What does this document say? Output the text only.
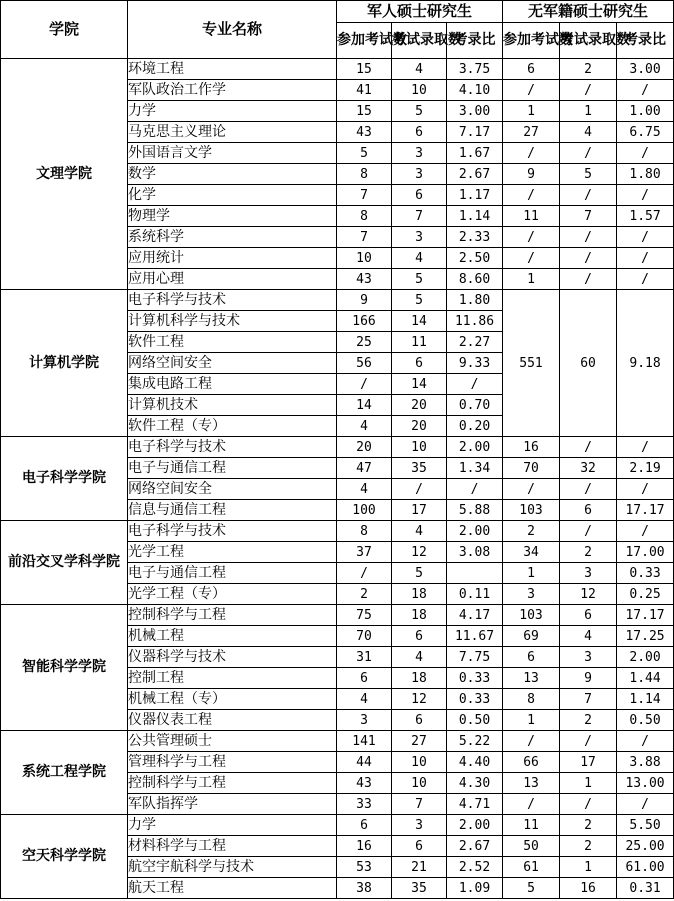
学院	专业名称	军人硕士研究生			无军籍硕士研究生		
		参加考试数	考试录取数	考录比	参加考试数	考试录取数	考录比
文理学院	环境工程	15	4	3.75	6	2	3.00
	军队政治工作学	41	10	4.10	/	/	/
	力学	15	5	3.00	1	1	1.00
	马克思主义理论	43	6	7.17	27	4	6.75
	外国语言文学	5	3	1.67	/	/	/
	数学	8	3	2.67	9	5	1.80
	化学	7	6	1.17	/	/	/
	物理学	8	7	1.14	11	7	1.57
	系统科学	7	3	2.33	/	/	/
	应用统计	10	4	2.50	/	/	/
	应用心理	43	5	8.60	1	/	/
计算机学院	电子科学与技术	9	5	1.80	551	60	9.18
	计算机科学与技术	166	14	11.86			
	软件工程	25	11	2.27			
	网络空间安全	56	6	9.33			
	集成电路工程	/	14	/			
	计算机技术	14	20	0.70			
	软件工程（专）	4	20	0.20			
电子科学学院	电子科学与技术	20	10	2.00	16	/	/
	电子与通信工程	47	35	1.34	70	32	2.19
	网络空间安全	4	/	/	/	/	/
	信息与通信工程	100	17	5.88	103	6	17.17
前沿交叉学科学院	电子科学与技术	8	4	2.00	2	/	/
	光学工程	37	12	3.08	34	2	17.00
	电子与通信工程	/	5		1	3	0.33
	光学工程（专）	2	18	0.11	3	12	0.25
智能科学学院	控制科学与工程	75	18	4.17	103	6	17.17
	机械工程	70	6	11.67	69	4	17.25
	仪器科学与技术	31	4	7.75	6	3	2.00
	控制工程	6	18	0.33	13	9	1.44
	机械工程（专）	4	12	0.33	8	7	1.14
	仪器仪表工程	3	6	0.50	1	2	0.50
系统工程学院	公共管理硕士	141	27	5.22	/	/	/
	管理科学与工程	44	10	4.40	66	17	3.88
	控制科学与工程	43	10	4.30	13	1	13.00
	军队指挥学	33	7	4.71	/	/	/
空天科学学院	力学	6	3	2.00	11	2	5.50
	材料科学与工程	16	6	2.67	50	2	25.00
	航空宇航科学与技术	53	21	2.52	61	1	61.00
	航天工程	38	35	1.09	5	16	0.31
